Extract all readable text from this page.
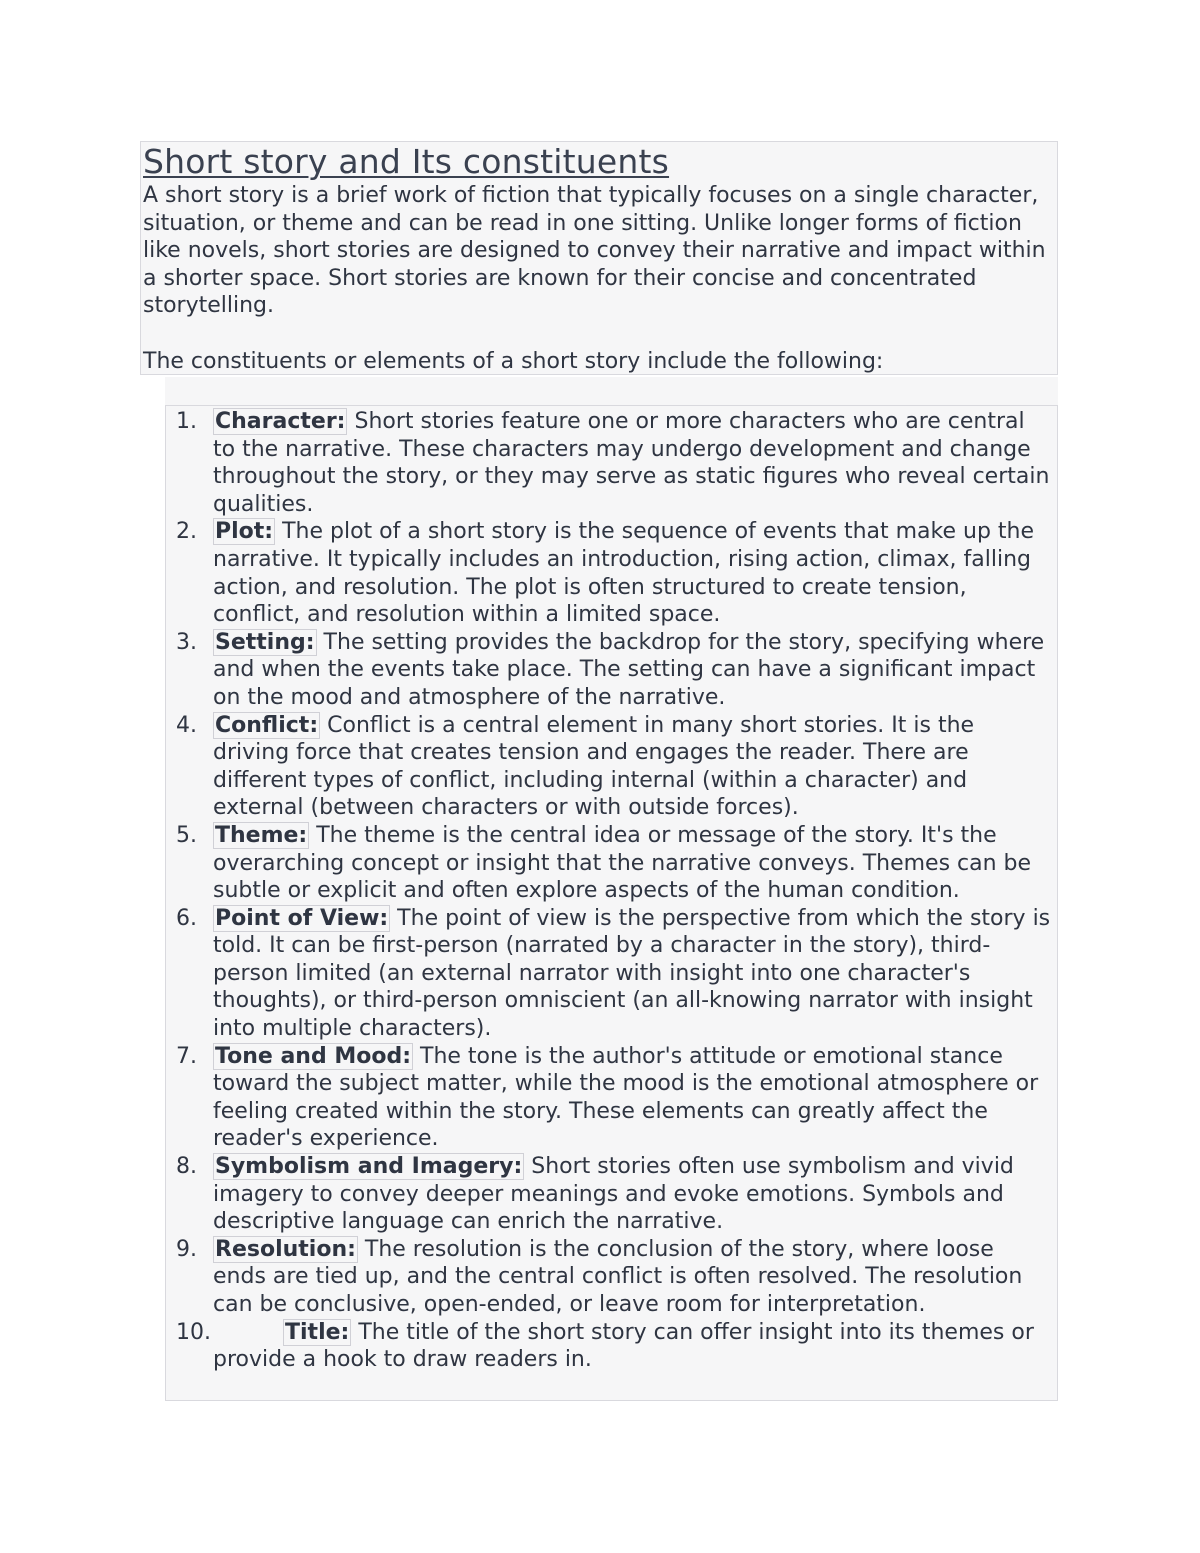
Short story and Its constituents

A short story is a brief work of fiction that typically focuses on a single character, situation, or theme and can be read in one sitting. Unlike longer forms of fiction like novels, short stories are designed to convey their narrative and impact within a shorter space. Short stories are known for their concise and concentrated storytelling.

The constituents or elements of a short story include the following:

1. Character: Short stories feature one or more characters who are central to the narrative. These characters may undergo development and change throughout the story, or they may serve as static figures who reveal certain qualities.
2. Plot: The plot of a short story is the sequence of events that make up the narrative. It typically includes an introduction, rising action, climax, falling action, and resolution. The plot is often structured to create tension, conflict, and resolution within a limited space.
3. Setting: The setting provides the backdrop for the story, specifying where and when the events take place. The setting can have a significant impact on the mood and atmosphere of the narrative.
4. Conflict: Conflict is a central element in many short stories. It is the driving force that creates tension and engages the reader. There are different types of conflict, including internal (within a character) and external (between characters or with outside forces).
5. Theme: The theme is the central idea or message of the story. It's the overarching concept or insight that the narrative conveys. Themes can be subtle or explicit and often explore aspects of the human condition.
6. Point of View: The point of view is the perspective from which the story is told. It can be first-person (narrated by a character in the story), third-person limited (an external narrator with insight into one character's thoughts), or third-person omniscient (an all-knowing narrator with insight into multiple characters).
7. Tone and Mood: The tone is the author's attitude or emotional stance toward the subject matter, while the mood is the emotional atmosphere or feeling created within the story. These elements can greatly affect the reader's experience.
8. Symbolism and Imagery: Short stories often use symbolism and vivid imagery to convey deeper meanings and evoke emotions. Symbols and descriptive language can enrich the narrative.
9. Resolution: The resolution is the conclusion of the story, where loose ends are tied up, and the central conflict is often resolved. The resolution can be conclusive, open-ended, or leave room for interpretation.
10.	Title: The title of the short story can offer insight into its themes or provide a hook to draw readers in.
